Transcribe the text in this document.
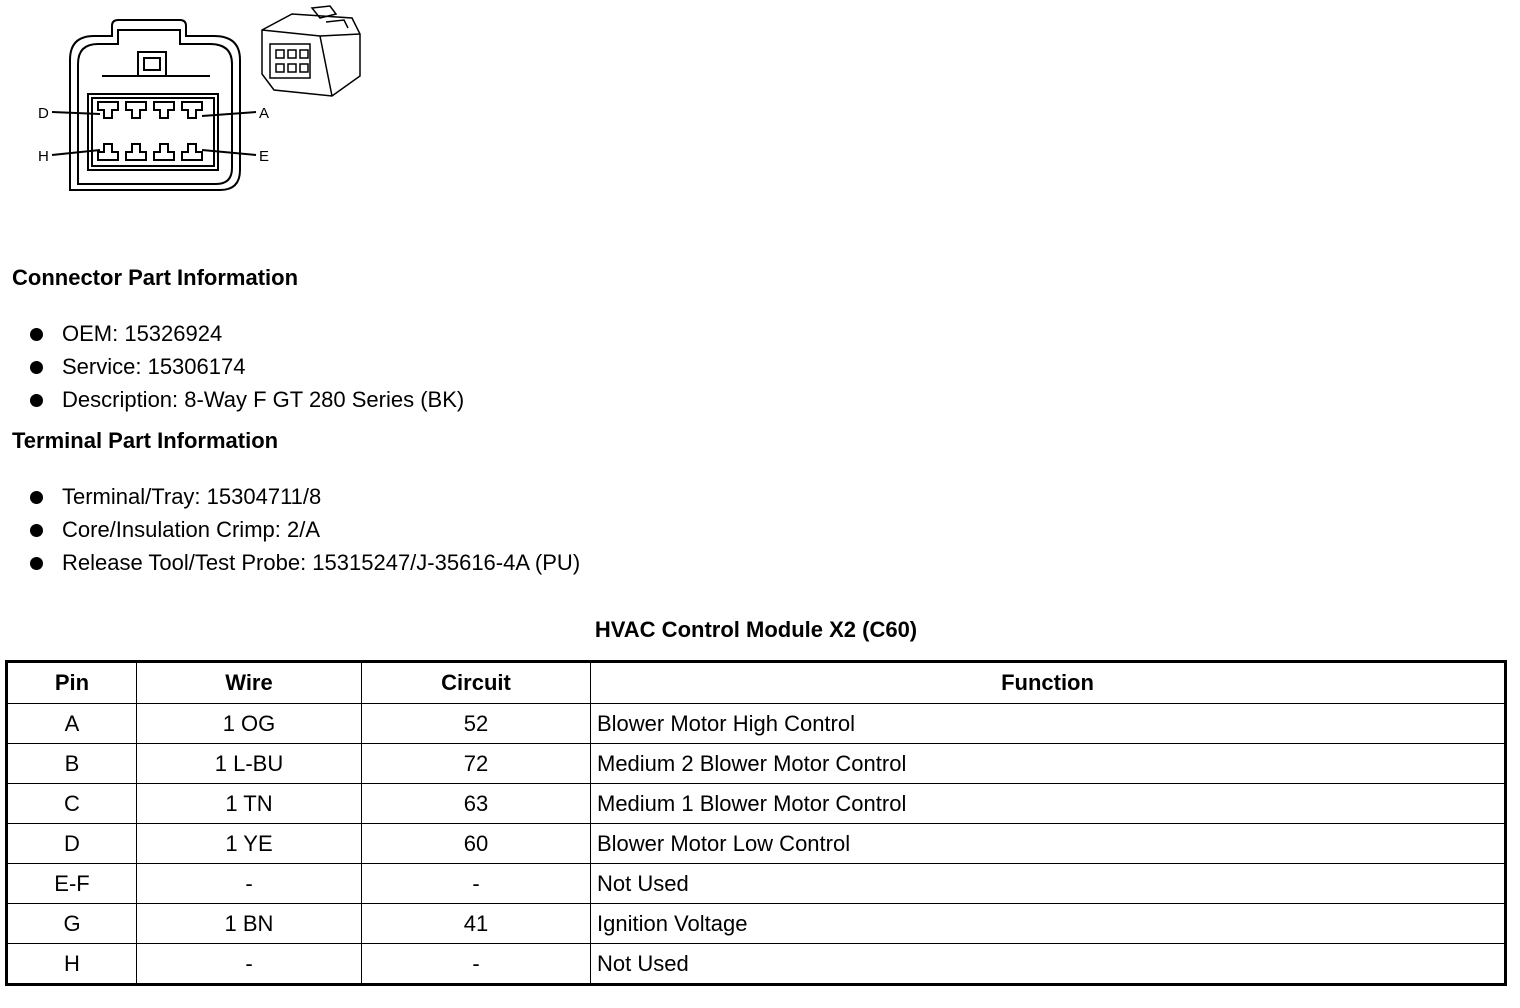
D
H
A
E
Connector Part Information
OEM: 15326924
Service: 15306174
Description: 8-Way F GT 280 Series (BK)
Terminal Part Information
Terminal/Tray: 15304711/8
Core/Insulation Crimp: 2/A
Release Tool/Test Probe: 15315247/J-35616-4A (PU)
HVAC Control Module X2 (C60)
Pin	Wire	Circuit	Function
A	1 OG	52	Blower Motor High Control
B	1 L-BU	72	Medium 2 Blower Motor Control
C	1 TN	63	Medium 1 Blower Motor Control
D	1 YE	60	Blower Motor Low Control
E-F	-	-	Not Used
G	1 BN	41	Ignition Voltage
H	-	-	Not Used
